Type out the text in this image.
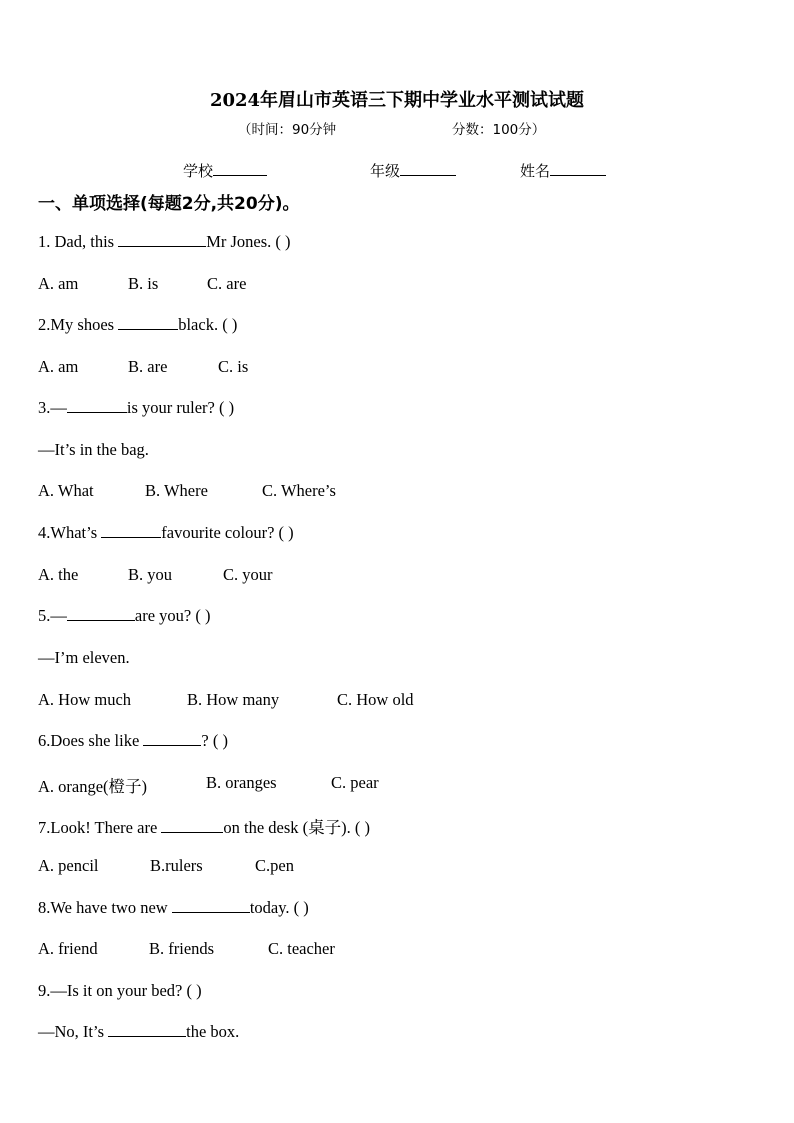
2024年眉山市英语三下期中学业水平测试试题
（时间：90分钟	分数：100分）
学校	年级	姓名
一、单项选择(每题2分,共20分)。
1. Dad, this	Mr Jones. ( )
A. am	B. is	C. are
2.My shoes	black. ( )
A. am	B. are	C. is
3.—	is your ruler? ( )
—It’s in the bag.
A. What	B. Where	C. Where’s
4.What’s	favourite colour? ( )
A. the	B. you	C. your
5.—	are you? ( )
—I’m eleven.
A. How much	B. How many	C. How old
6.Does she like	? ( )
A. orange(橙子)	B. oranges	C. pear
7.Look! There are	on the desk (桌子). ( )
A. pencil	B.rulers	C.pen
8.We have two new	today. ( )
A. friend	B. friends	C. teacher
9.—Is it on your bed? ( )
—No, It’s	the box.
